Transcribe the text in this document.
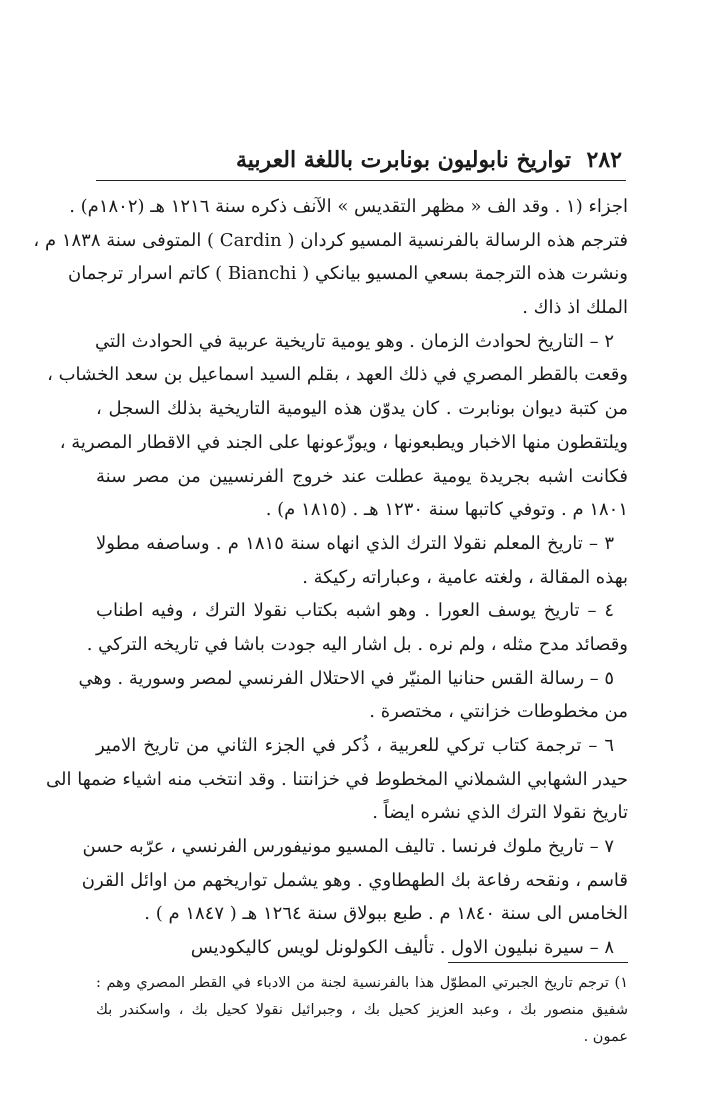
٢٨٢
تواريخ نابوليون بونابرت باللغة العربية
اجزاء (١ . وقد الف « مظهر التقديس » الآنف ذكره سنة ١٢١٦ هـ (١٨٠٢م) .
فترجم هذه الرسالة بالفرنسية المسيو كردان ( Cardin ) المتوفى سنة ١٨٣٨ م ،
ونشرت هذه الترجمة بسعي المسيو بيانكي ( Bianchi ) كاتم اسرار ترجمان
الملك اذ ذاك .
٢ – التاريخ لحوادث الزمان . وهو يومية تاريخية عربية في الحوادث التي
وقعت بالقطر المصري في ذلك العهد ، بقلم السيد اسماعيل بن سعد الخشاب ،
من كتبة ديوان بونابرت . كان يدوّن هذه اليومية التاريخية بذلك السجل ،
ويلتقطون منها الاخبار ويطبعونها ، ويوزّعونها على الجند في الاقطار المصرية ،
فكانت اشبه بجريدة يومية عطلت عند خروج الفرنسيين من مصر سنة
١٨٠١ م . وتوفي كاتبها سنة ١٢٣٠ هـ . (١٨١٥ م) .
٣ – تاريخ المعلم نقولا الترك الذي انهاه سنة ١٨١٥ م . وساصفه مطولا
بهذه المقالة ، ولغته عامية ، وعباراته ركيكة .
٤ – تاريخ يوسف العورا . وهو اشبه بكتاب نقولا الترك ، وفيه اطناب
وقصائد مدح مثله ، ولم نره . بل اشار اليه جودت باشا في تاريخه التركي .
٥ – رسالة القس حنانيا المنيّر في الاحتلال الفرنسي لمصر وسورية . وهي
من مخطوطات خزانتي ، مختصرة .
٦ – ترجمة كتاب تركي للعربية ، ذُكر في الجزء الثاني من تاريخ الامير
حيدر الشهابي الشملاني المخطوط في خزانتنا . وقد انتخب منه اشياء ضمها الى
تاريخ نقولا الترك الذي نشره ايضاً .
٧ – تاريخ ملوك فرنسا . تاليف المسيو مونيفورس الفرنسي ، عرّبه حسن
قاسم ، ونقحه رفاعة بك الطهطاوي . وهو يشمل تواريخهم من اوائل القرن
الخامس الى سنة ١٨٤٠ م . طبع ببولاق سنة ١٢٦٤ هـ ( ١٨٤٧ م ) .
٨ – سيرة نبليون الاول . تأليف الكولونل لويس كاليكوديس
١) ترجم تاريخ الجبرتي المطوّل هذا بالفرنسية لجنة من الادباء في القطر المصري وهم :
شفيق منصور بك ، وعبد العزيز كحيل بك ، وجبرائيل نقولا كحيل بك ، واسكندر بك
عمون .
